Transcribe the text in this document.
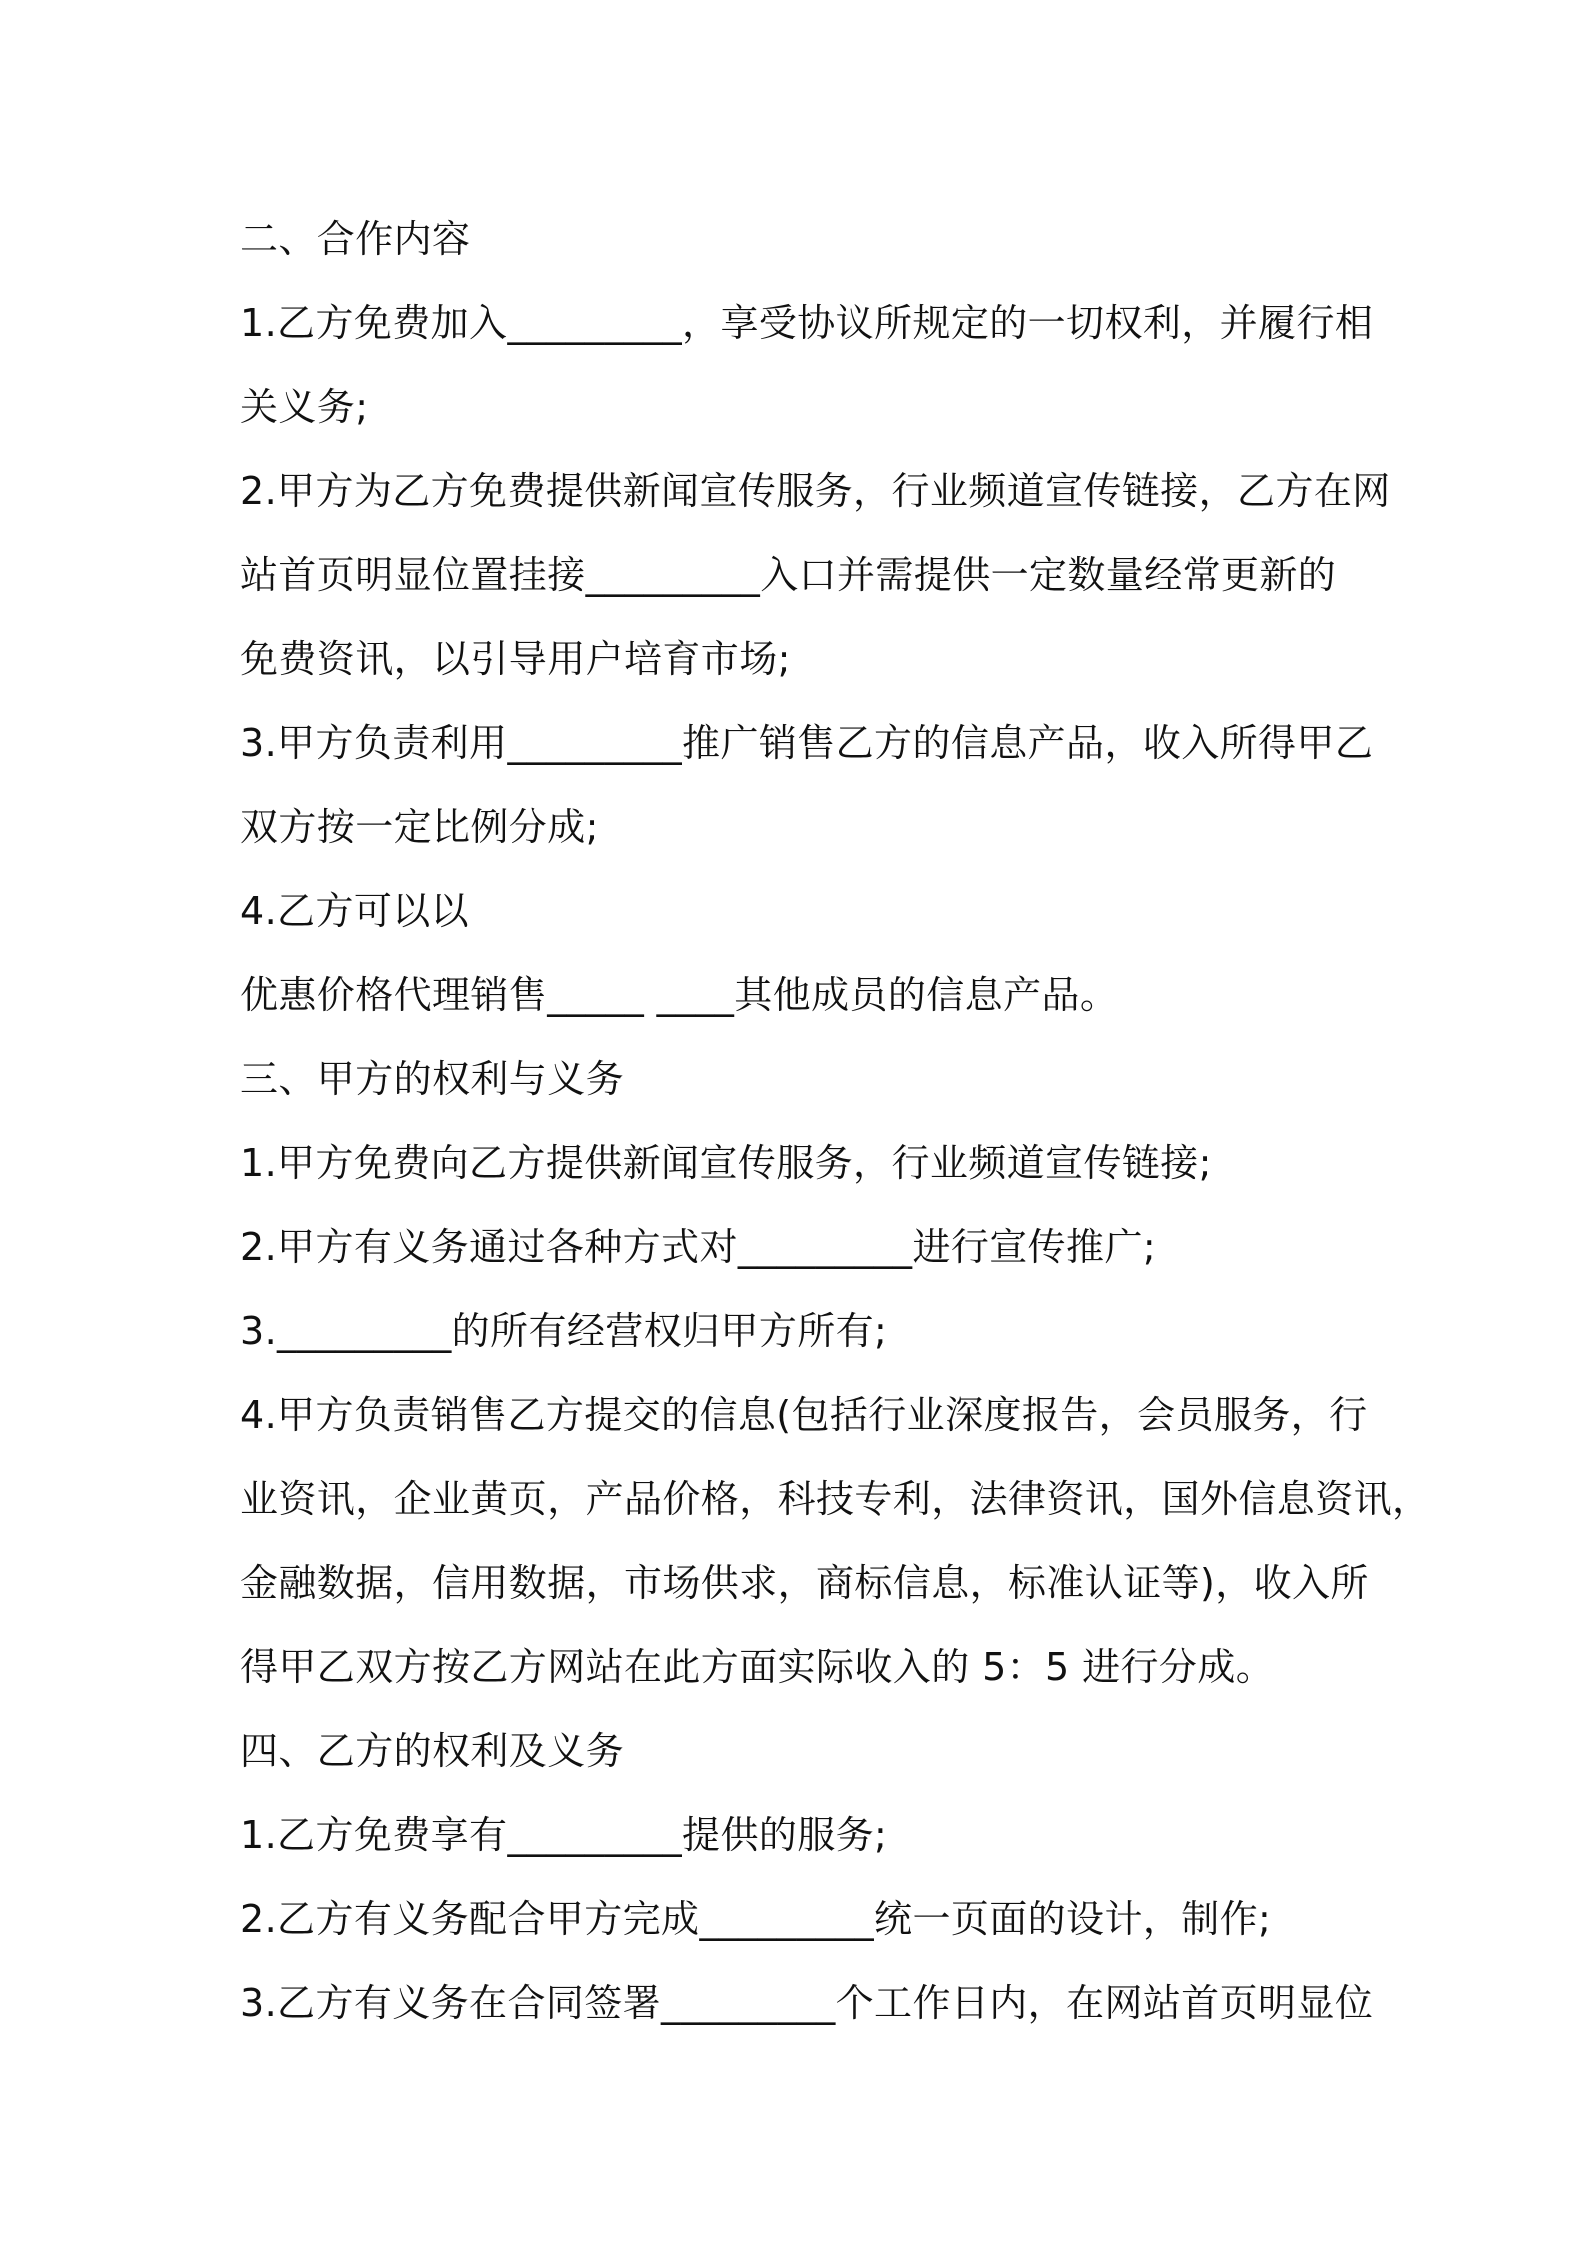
二、合作内容
1.乙方免费加入_________，享受协议所规定的一切权利，并履行相
关义务;
2.甲方为乙方免费提供新闻宣传服务，行业频道宣传链接，乙方在网
站首页明显位置挂接_________入口并需提供一定数量经常更新的
免费资讯，以引导用户培育市场;
3.甲方负责利用_________推广销售乙方的信息产品，收入所得甲乙
双方按一定比例分成;
4.乙方可以以
优惠价格代理销售_____ ____其他成员的信息产品。
三、甲方的权利与义务
1.甲方免费向乙方提供新闻宣传服务，行业频道宣传链接;
2.甲方有义务通过各种方式对_________进行宣传推广;
3._________的所有经营权归甲方所有;
4.甲方负责销售乙方提交的信息(包括行业深度报告，会员服务，行
业资讯，企业黄页，产品价格，科技专利，法律资讯，国外信息资讯，
金融数据，信用数据，市场供求，商标信息，标准认证等)，收入所
得甲乙双方按乙方网站在此方面实际收入的 5：5 进行分成。
四、乙方的权利及义务
1.乙方免费享有_________提供的服务;
2.乙方有义务配合甲方完成_________统一页面的设计，制作;
3.乙方有义务在合同签署_________个工作日内，在网站首页明显位
